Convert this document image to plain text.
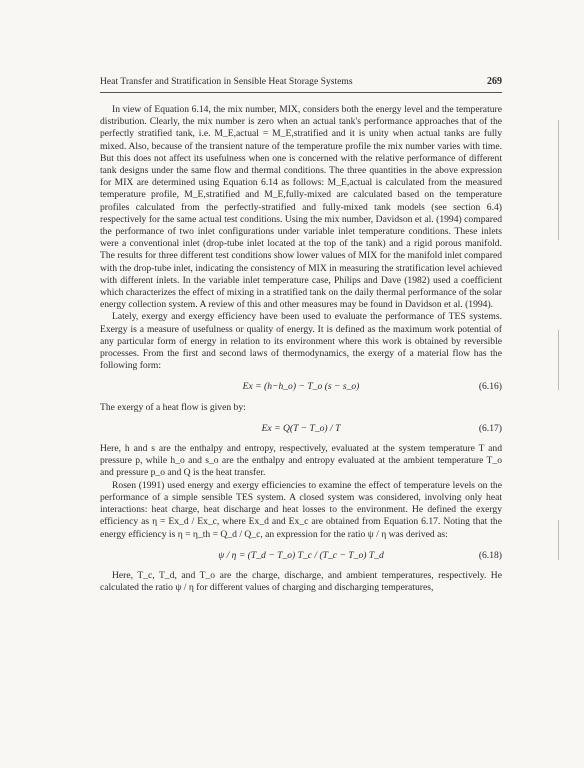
Heat Transfer and Stratification in Sensible Heat Storage Systems	269

In view of Equation 6.14, the mix number, MIX, considers both the energy level and the temperature distribution. Clearly, the mix number is zero when an actual tank's performance approaches that of the perfectly stratified tank, i.e. M_E,actual = M_E,stratified and it is unity when actual tanks are fully mixed. Also, because of the transient nature of the temperature profile the mix number varies with time. But this does not affect its usefulness when one is concerned with the relative performance of different tank designs under the same flow and thermal conditions. The three quantities in the above expression for MIX are determined using Equation 6.14 as follows: M_E,actual is calculated from the measured temperature profile, M_E,stratified and M_E,fully-mixed are calculated based on the temperature profiles calculated from the perfectly-stratified and fully-mixed tank models (see section 6.4) respectively for the same actual test conditions. Using the mix number, Davidson et al. (1994) compared the performance of two inlet configurations under variable inlet temperature conditions. These inlets were a conventional inlet (drop-tube inlet located at the top of the tank) and a rigid porous manifold. The results for three different test conditions show lower values of MIX for the manifold inlet compared with the drop-tube inlet, indicating the consistency of MIX in measuring the stratification level achieved with different inlets. In the variable inlet temperature case, Philips and Dave (1982) used a coefficient which characterizes the effect of mixing in a stratified tank on the daily thermal performance of the solar energy collection system. A review of this and other measures may be found in Davidson et al. (1994).

Lately, exergy and exergy efficiency have been used to evaluate the performance of TES systems. Exergy is a measure of usefulness or quality of energy. It is defined as the maximum work potential of any particular form of energy in relation to its environment where this work is obtained by reversible processes. From the first and second laws of thermodynamics, the exergy of a material flow has the following form:

Ex = (h−h_o) − T_o (s − s_o)	(6.16)

The exergy of a heat flow is given by:

Ex = Q(T − T_o) / T	(6.17)

Here, h and s are the enthalpy and entropy, respectively, evaluated at the system temperature T and pressure p, while h_o and s_o are the enthalpy and entropy evaluated at the ambient temperature T_o and pressure p_o and Q is the heat transfer.

Rosen (1991) used energy and exergy efficiencies to examine the effect of temperature levels on the performance of a simple sensible TES system. A closed system was considered, involving only heat interactions: heat charge, heat discharge and heat losses to the environment. He defined the exergy efficiency as η = Ex_d / Ex_c, where Ex_d and Ex_c are obtained from Equation 6.17. Noting that the energy efficiency is η = η_th = Q_d / Q_c, an expression for the ratio ψ / η was derived as:

ψ / η = (T_d − T_o) T_c / (T_c − T_o) T_d	(6.18)

Here, T_c, T_d, and T_o are the charge, discharge, and ambient temperatures, respectively. He calculated the ratio ψ / η for different values of charging and discharging temperatures,
